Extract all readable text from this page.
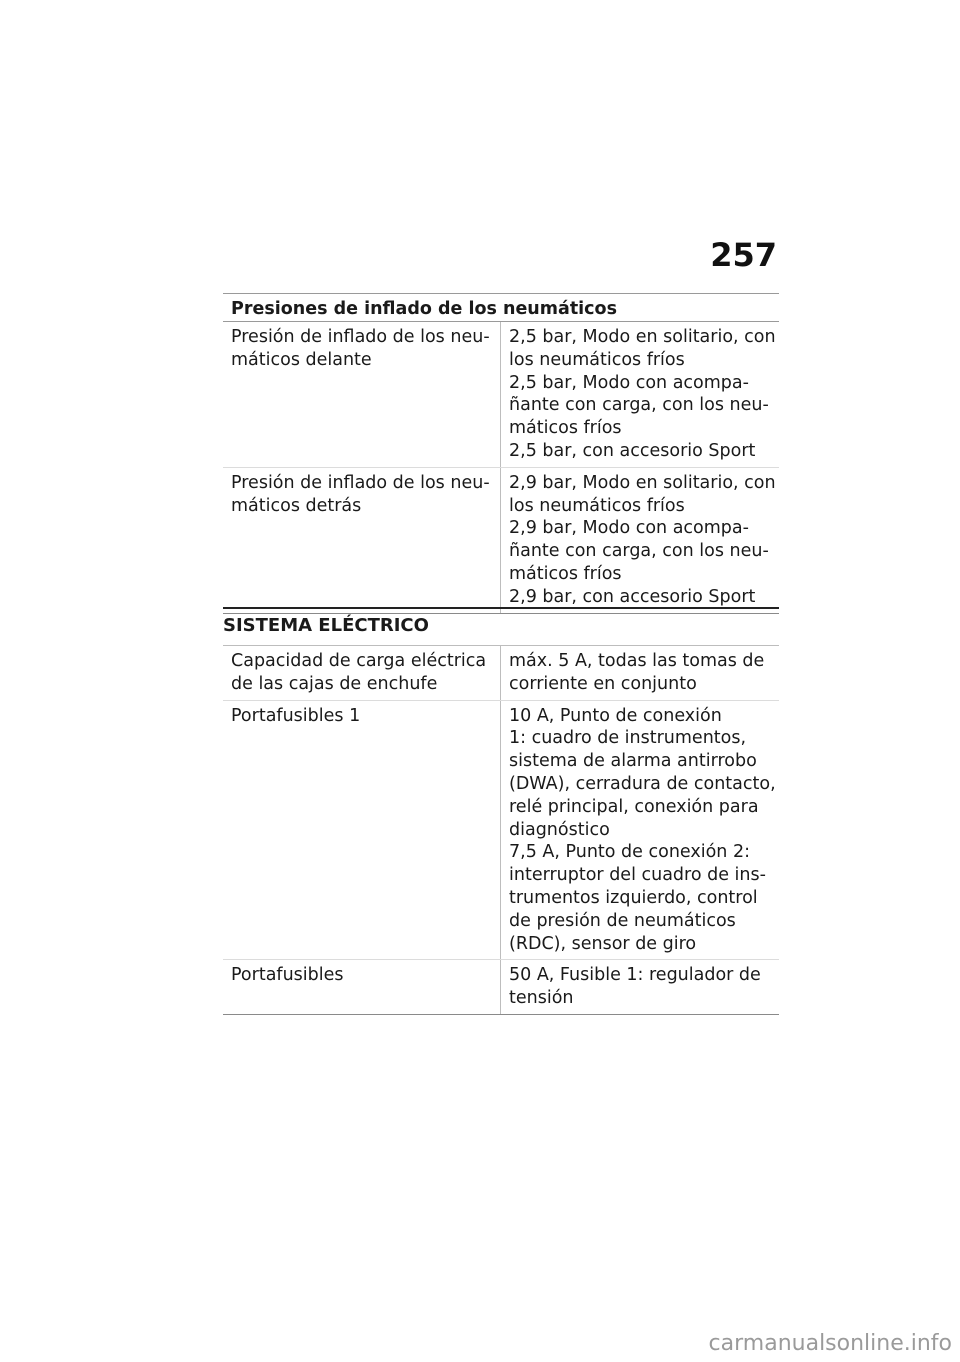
257
Presiones de inflado de los neumáticos
Presión de inflado de los neu-
máticos delante
2,5 bar, Modo en solitario, con
los neumáticos fríos
2,5 bar, Modo con acompa-
ñante con carga, con los neu-
máticos fríos
2,5 bar, con accesorio Sport
Presión de inflado de los neu-
máticos detrás
2,9 bar, Modo en solitario, con
los neumáticos fríos
2,9 bar, Modo con acompa-
ñante con carga, con los neu-
máticos fríos
2,9 bar, con accesorio Sport
SISTEMA ELÉCTRICO
Capacidad de carga eléctrica
de las cajas de enchufe
máx. 5 A, todas las tomas de
corriente en conjunto
Portafusibles 1	10 A, Punto de conexión
1: cuadro de instrumentos,
sistema de alarma antirrobo
(DWA), cerradura de contacto,
relé principal, conexión para
diagnóstico
7,5 A, Punto de conexión 2:
interruptor del cuadro de ins-
trumentos izquierdo, control
de presión de neumáticos
(RDC), sensor de giro
Portafusibles	50 A, Fusible 1: regulador de
tensión
carmanualsonline.info
